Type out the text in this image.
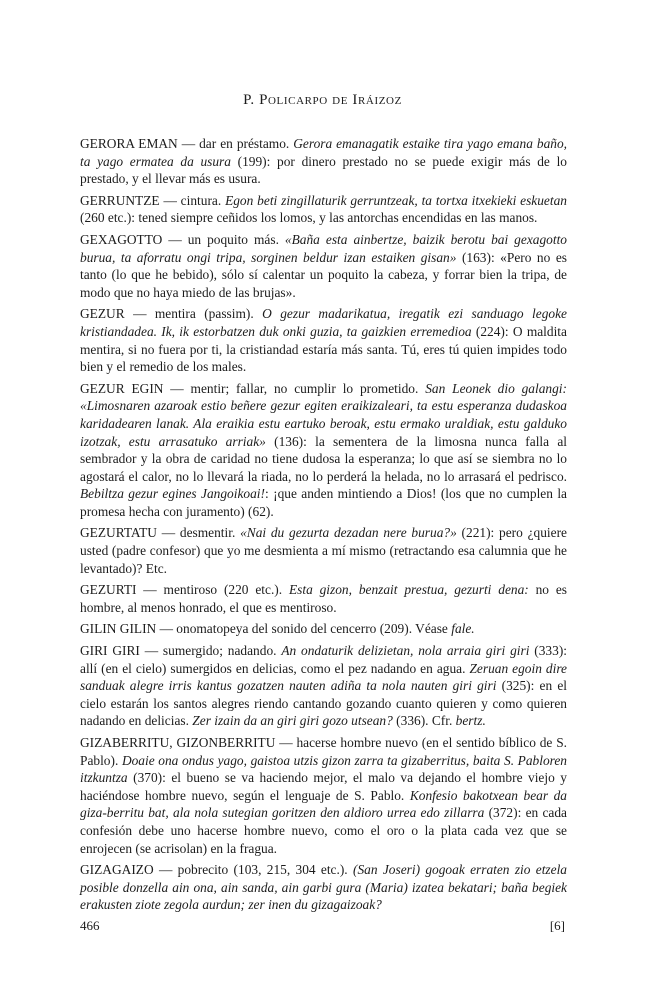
P. Policarpo de Iráizoz

GERORA EMAN — dar en préstamo. Gerora emanagatik estaike tira yago emana baño, ta yago ermatea da usura (199): por dinero prestado no se puede exigir más de lo prestado, y el llevar más es usura.

GERRUNTZE — cintura. Egon beti zingillaturik gerruntzeak, ta tortxa itxekieki eskuetan (260 etc.): tened siempre ceñidos los lomos, y las antorchas encendidas en las manos.

GEXAGOTTO — un poquito más. «Baña esta ainbertze, baizik berotu bai gexagotto burua, ta aforratu ongi tripa, sorginen beldur izan estaiken gisan» (163): «Pero no es tanto (lo que he bebido), sólo sí calentar un poquito la cabeza, y forrar bien la tripa, de modo que no haya miedo de las brujas».

GEZUR — mentira (passim). O gezur madarikatua, iregatik ezi sanduago legoke kristiandadea. Ik, ik estorbatzen duk onki guzia, ta gaizkien erremedioa (224): O maldita mentira, si no fuera por ti, la cristiandad estaría más santa. Tú, eres tú quien impides todo bien y el remedio de los males.

GEZUR EGIN — mentir; fallar, no cumplir lo prometido. San Leonek dio galangi: «Limosnaren azaroak estio beñere gezur egiten eraikizaleari, ta estu esperanza dudaskoa karidadearen lanak. Ala eraikia estu eartuko beroak, estu ermako uraldiak, estu galduko izotzak, estu arrasatuko arriak» (136): la sementera de la limosna nunca falla al sembrador y la obra de caridad no tiene dudosa la esperanza; lo que así se siembra no lo agostará el calor, no lo llevará la riada, no lo perderá la helada, no lo arrasará el pedrisco. Bebiltza gezur egines Jangoikoai!: ¡que anden mintiendo a Dios! (los que no cumplen la promesa hecha con juramento) (62).

GEZURTATU — desmentir. «Nai du gezurta dezadan nere burua?» (221): pero ¿quiere usted (padre confesor) que yo me desmienta a mí mismo (retractando esa calumnia que he levantado)? Etc.

GEZURTI — mentiroso (220 etc.). Esta gizon, benzait prestua, gezurti dena: no es hombre, al menos honrado, el que es mentiroso.

GILIN GILIN — onomatopeya del sonido del cencerro (209). Véase fale.

GIRI GIRI — sumergido; nadando. An ondaturik delizietan, nola arraia giri giri (333): allí (en el cielo) sumergidos en delicias, como el pez nadando en agua. Zeruan egoin dire sanduak alegre irris kantus gozatzen nauten adiña ta nola nauten giri giri (325): en el cielo estarán los santos alegres riendo cantando gozando cuanto quieren y como quieren nadando en delicias. Zer izain da an giri giri gozo utsean? (336). Cfr. bertz.

GIZABERRITU, GIZONBERRITU — hacerse hombre nuevo (en el sentido bíblico de S. Pablo). Doaie ona ondus yago, gaistoa utzis gizon zarra ta gizaberritus, baita S. Pabloren itzkuntza (370): el bueno se va haciendo mejor, el malo va dejando el hombre viejo y haciéndose hombre nuevo, según el lenguaje de S. Pablo. Konfesio bakotxean bear da giza-berritu bat, ala nola sutegian goritzen den aldioro urrea edo zillarra (372): en cada confesión debe uno hacerse hombre nuevo, como el oro o la plata cada vez que se enrojecen (se acrisolan) en la fragua.

GIZAGAIZO — pobrecito (103, 215, 304 etc.). (San Joseri) gogoak erraten zio etzela posible donzella ain ona, ain sanda, ain garbi gura (Maria) izatea bekatari; baña begiek erakusten ziote zegola aurdun; zer inen du gizagaizoak?

466	[6]
